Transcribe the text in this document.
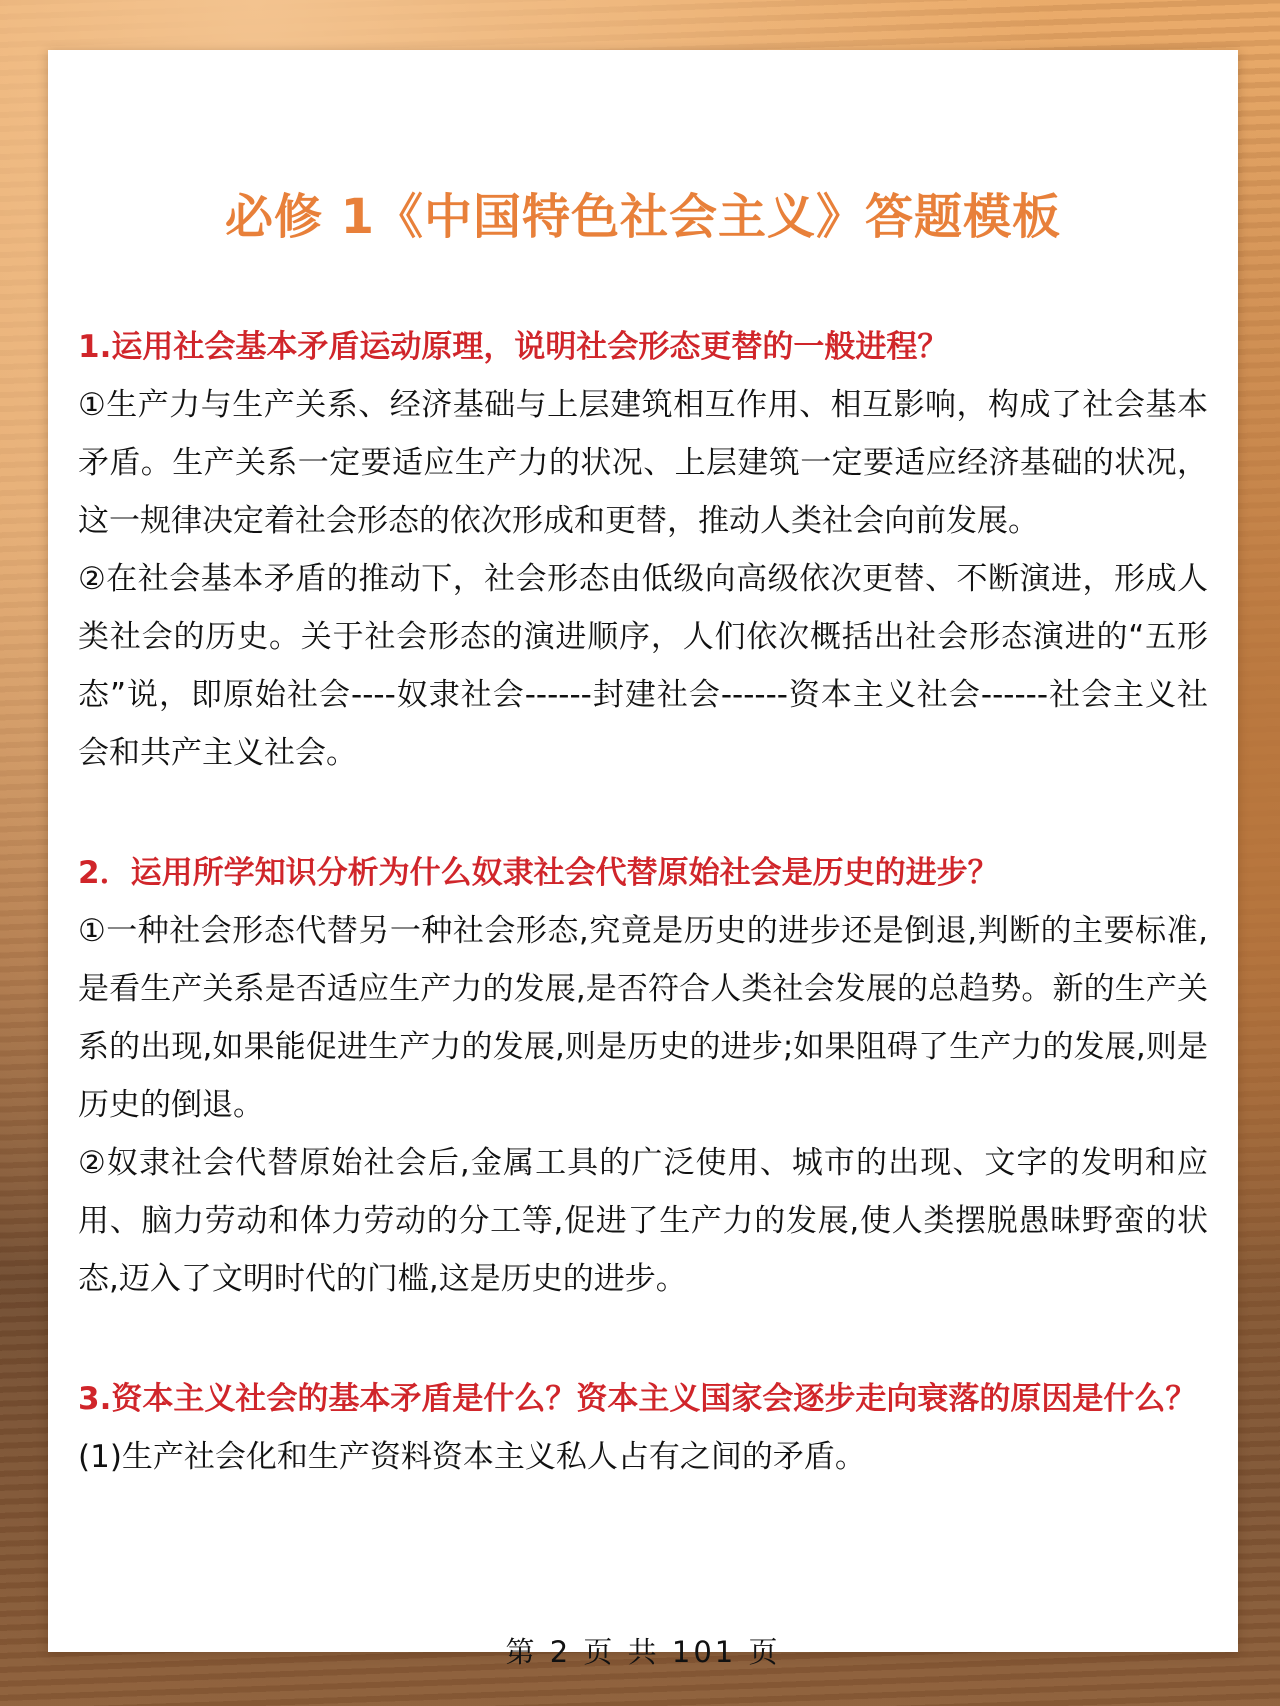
必修 1《中国特色社会主义》答题模板

1.运用社会基本矛盾运动原理，说明社会形态更替的一般进程？

①生产力与生产关系、经济基础与上层建筑相互作用、相互影响，构成了社会基本矛盾。生产关系一定要适应生产力的状况、上层建筑一定要适应经济基础的状况，这一规律决定着社会形态的依次形成和更替，推动人类社会向前发展。

②在社会基本矛盾的推动下，社会形态由低级向高级依次更替、不断演进，形成人类社会的历史。关于社会形态的演进顺序，人们依次概括出社会形态演进的“五形态”说，即原始社会----奴隶社会------封建社会------资本主义社会------社会主义社会和共产主义社会。

2．运用所学知识分析为什么奴隶社会代替原始社会是历史的进步？

①一种社会形态代替另一种社会形态,究竟是历史的进步还是倒退,判断的主要标准,是看生产关系是否适应生产力的发展,是否符合人类社会发展的总趋势。新的生产关系的出现,如果能促进生产力的发展,则是历史的进步;如果阻碍了生产力的发展,则是历史的倒退。

②奴隶社会代替原始社会后,金属工具的广泛使用、城市的出现、文字的发明和应用、脑力劳动和体力劳动的分工等,促进了生产力的发展,使人类摆脱愚昧野蛮的状态,迈入了文明时代的门槛,这是历史的进步。

3.资本主义社会的基本矛盾是什么？资本主义国家会逐步走向衰落的原因是什么？

(1)生产社会化和生产资料资本主义私人占有之间的矛盾。

第 2 页 共 101 页
